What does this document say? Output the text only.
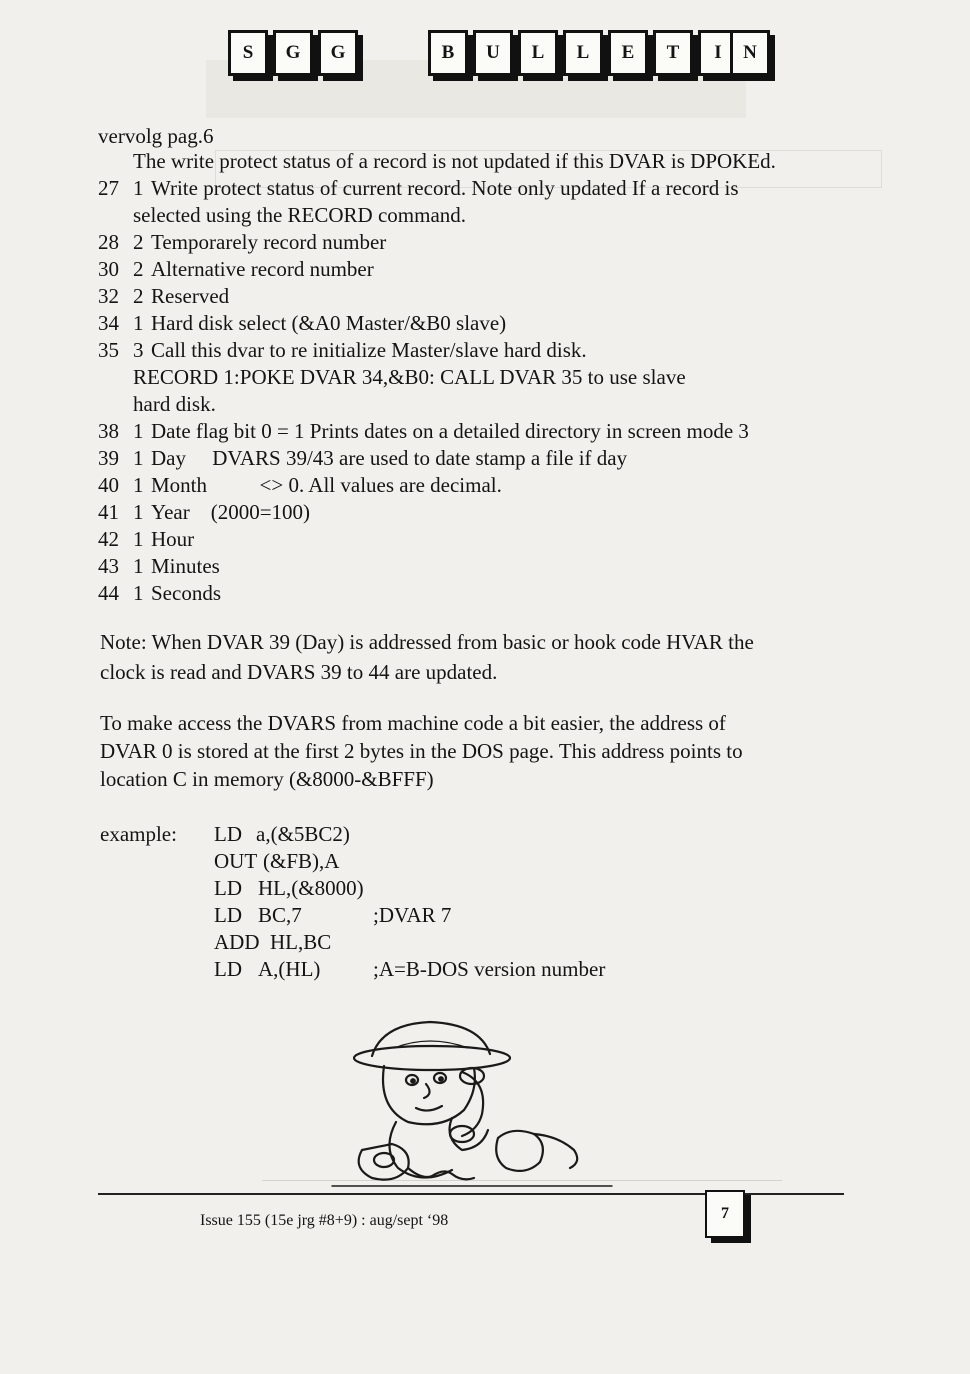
S	G	G	B	U	L	L	E	T	I	N
vervolg pag.6
The write protect status of a record is not updated if this DVAR is DPOKEd.
27 1 Write protect status of current record. Note only updated If a record is
selected using the RECORD command.
28 2 Temporarely record number
30 2 Alternative record number
32 2 Reserved
34 1 Hard disk select (&A0 Master/&B0 slave)
35 3 Call this dvar to re initialize Master/slave hard disk.
RECORD 1:POKE DVAR 34,&B0: CALL DVAR 35 to use slave
hard disk.
38 1 Date flag bit 0 = 1 Prints dates on a detailed directory in screen mode 3
39 1 Day     DVARS 39/43 are used to date stamp a file if day
40 1 Month          <> 0. All values are decimal.
41 1 Year    (2000=100)
42 1 Hour
43 1 Minutes
44 1 Seconds
Note: When DVAR 39 (Day) is addressed from basic or hook code HVAR the
clock is read and DVARS 39 to 44 are updated.
To make access the DVARS from machine code a bit easier, the address of
DVAR 0 is stored at the first 2 bytes in the DOS page. This address points to
location C in memory (&8000-&BFFF)
example: LD a,(&5BC2)
OUT (&FB),A
LD HL,(&8000)
LD BC,7	;DVAR 7
ADD HL,BC
LD A,(HL)	;A=B-DOS version number
Issue 155 (15e jrg #8+9) : aug/sept ‘98	7
